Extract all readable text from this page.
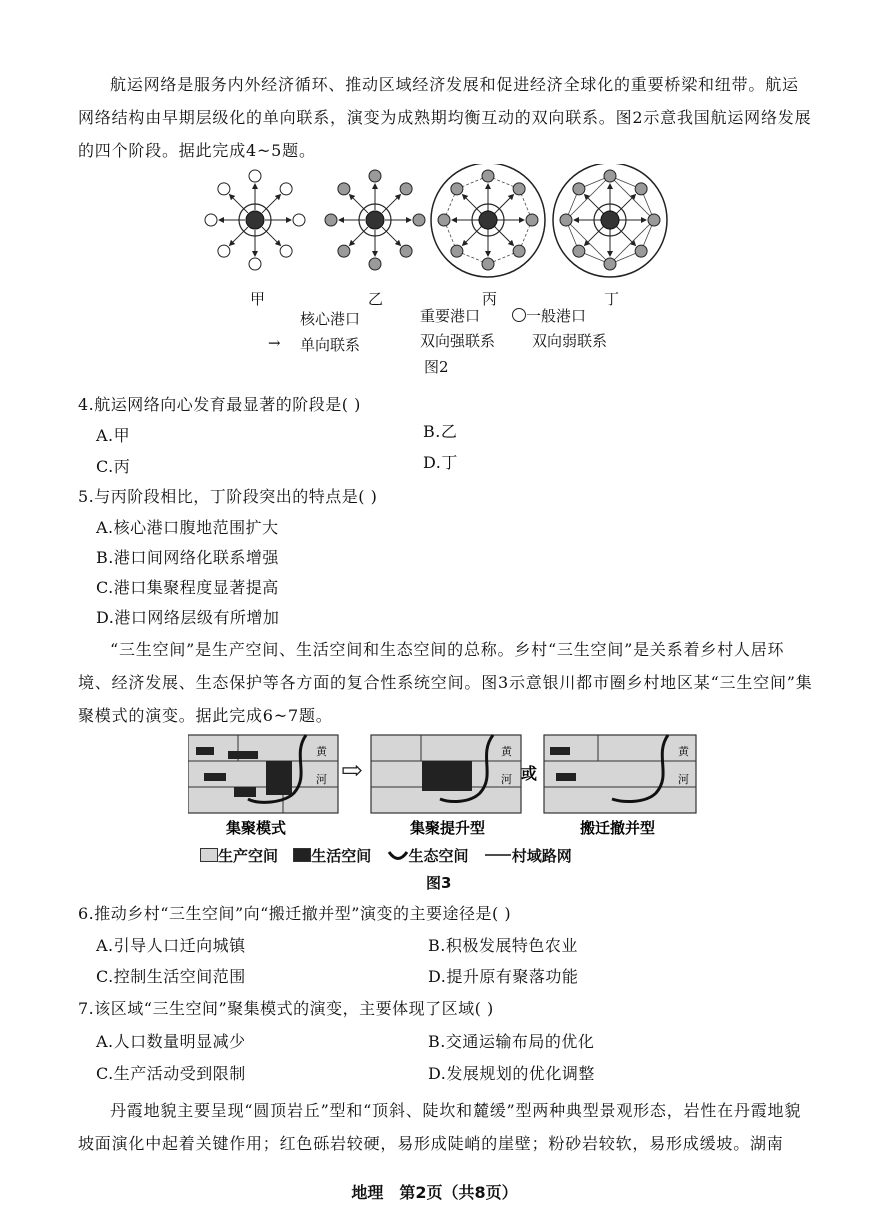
航运网络是服务内外经济循环、推动区域经济发展和促进经济全球化的重要桥梁和纽带。航运网络结构由早期层级化的单向联系，演变为成熟期均衡互动的双向联系。图2示意我国航运网络发展的四个阶段。据此完成4~5题。
甲	乙	丙	丁
核心港口	重要港口	一般港口
→ 单向联系	双向强联系 双向弱联系
图2
4.航运网络向心发育最显著的阶段是( )
A.甲	B.乙
C.丙	D.丁
5.与丙阶段相比，丁阶段突出的特点是( )
A.核心港口腹地范围扩大
B.港口间网络化联系增强
C.港口集聚程度显著提高
D.港口网络层级有所增加
“三生空间”是生产空间、生活空间和生态空间的总称。乡村“三生空间”是关系着乡村人居环境、经济发展、生态保护等各方面的复合性系统空间。图3示意银川都市圈乡村地区某“三生空间”集聚模式的演变。据此完成6~7题。
黄
河 ⇨
黄
河 或
黄
河
集聚模式	集聚提升型	搬迁撤并型
生产空间 生活空间 生态空间	村域路网
图3
6.推动乡村“三生空间”向“搬迁撤并型”演变的主要途径是( )
A.引导人口迁向城镇	B.积极发展特色农业
C.控制生活空间范围	D.提升原有聚落功能
7.该区域“三生空间”聚集模式的演变，主要体现了区域( )
A.人口数量明显减少	B.交通运输布局的优化
C.生产活动受到限制	D.发展规划的优化调整
丹霞地貌主要呈现“圆顶岩丘”型和“顶斜、陡坎和麓缓”型两种典型景观形态，岩性在丹霞地貌坡面演化中起着关键作用；红色砾岩较硬，易形成陡峭的崖壁；粉砂岩较软，易形成缓坡。湖南
地理　第2页（共8页）
